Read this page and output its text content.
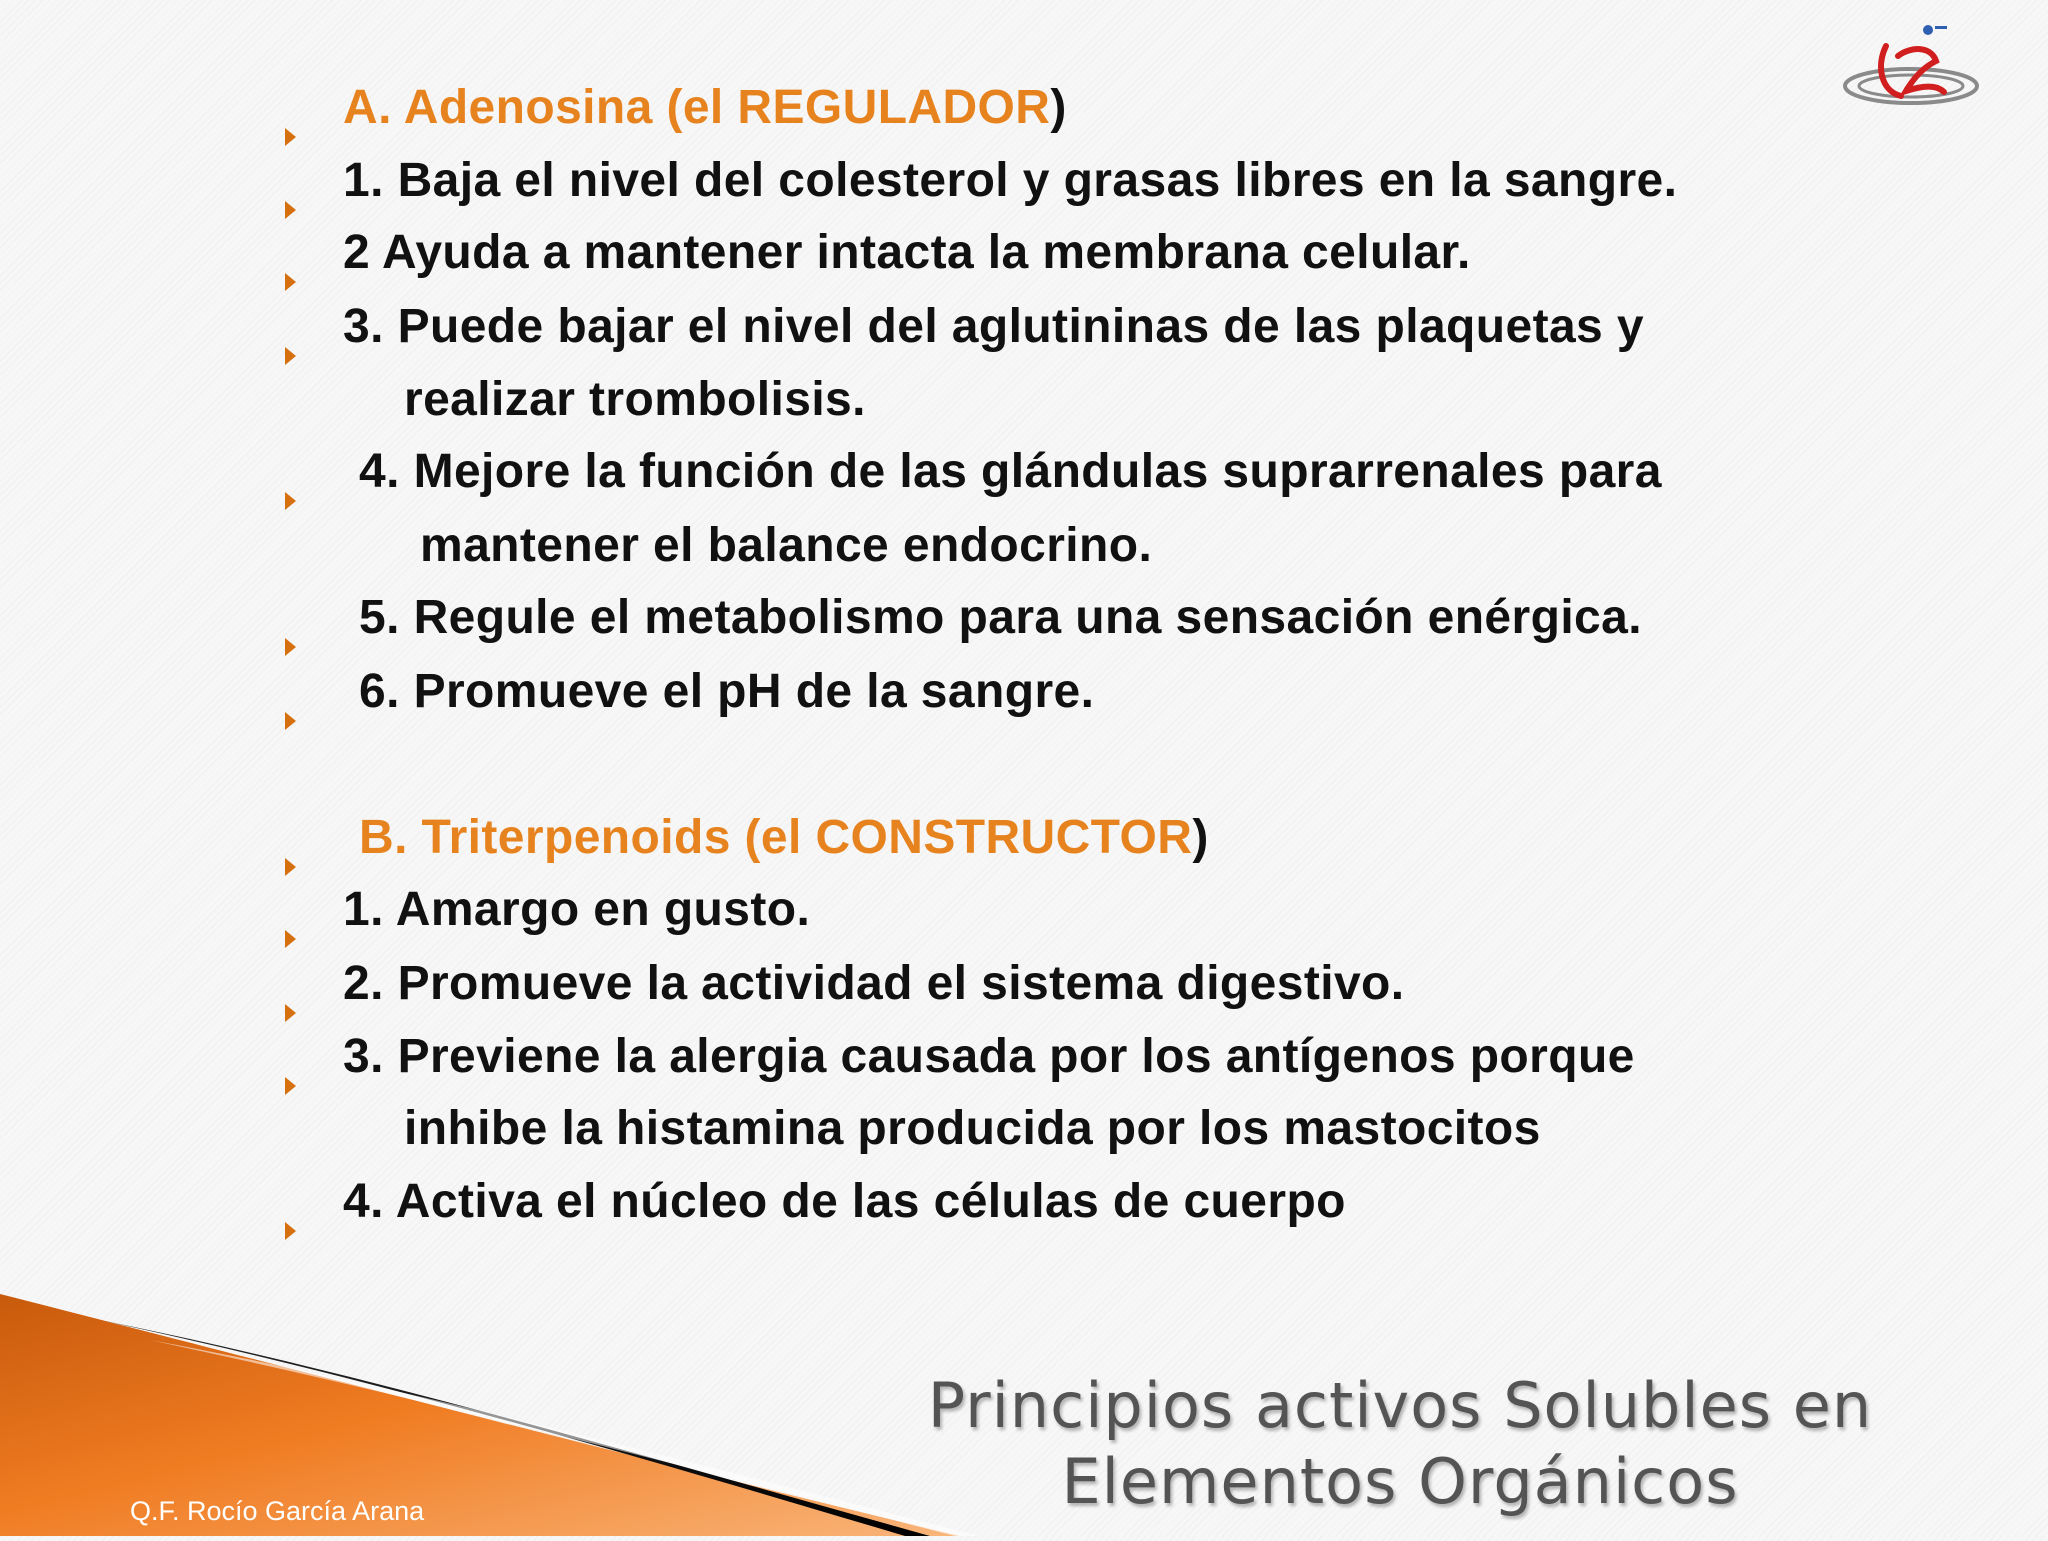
A. Adenosina (el REGULADOR)
1. Baja el nivel del colesterol y grasas libres en la sangre.
2 Ayuda a mantener intacta la membrana celular.
3. Puede bajar el nivel del aglutininas de las plaquetas y
realizar trombolisis.
4. Mejore la función de las glándulas suprarrenales para
mantener el balance endocrino.
5. Regule el metabolismo para una sensación enérgica.
6. Promueve el pH de la sangre.
B. Triterpenoids (el CONSTRUCTOR)
1. Amargo en gusto.
2. Promueve la actividad el sistema digestivo.
3. Previene la alergia causada por los antígenos porque
inhibe la histamina producida por los mastocitos
4. Activa el núcleo de las células de cuerpo
Principios activos Solubles en
Elementos Orgánicos
Q.F. Rocío García Arana
